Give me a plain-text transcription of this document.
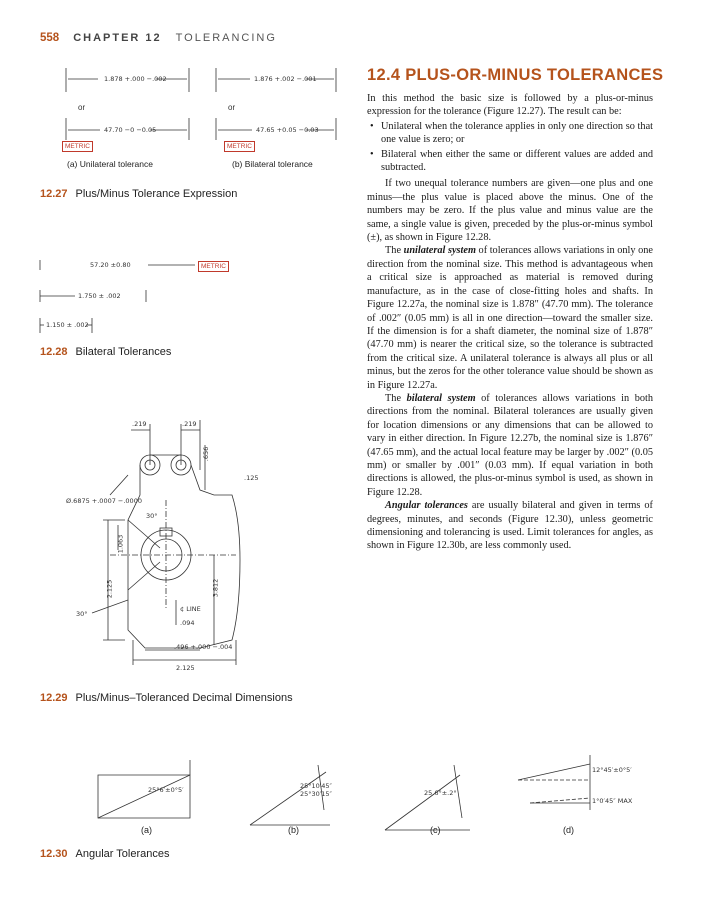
558 CHAPTER 12 TOLERANCING
1.878 +.000 −.002
or
47.70 −0 −0.05
METRIC
(a) Unilateral tolerance
1.876 +.002 −.001
or
47.65 +0.05 −0.03
METRIC
(b) Bilateral tolerance
12.27 Plus/Minus Tolerance Expression
57.20 ±0.80	METRIC
1.750 ± .002
1.150 ± .002
12.28 Bilateral Tolerances
.219	.219
.656
.125
Ø.6875 +.0007 −.0000
30°
1.063
2.125	3.812
¢ LINE
.094
30°
.496 +.000 −.004
2.125
12.29 Plus/Minus–Toleranced Decimal Dimensions
25°6′±0°5′	25°10′45″
25°30′15″	25.6°±.2°
12°45′±0°5′
1°0′45″ MAX
(a)	(b)	(c)	(d)
12.30 Angular Tolerances
12.4 PLUS-OR-MINUS TOLERANCES

In this method the basic size is followed by a plus-or-minus expression for the tolerance (Figure 12.27). The result can be:

• Unilateral when the tolerance applies in only one direction so that one value is zero; or
• Bilateral when either the same or different values are added and subtracted.

If two unequal tolerance numbers are given—one plus and one minus—the plus value is placed above the minus. One of the numbers may be zero. If the plus value and minus value are the same, a single value is given, preceded by the plus-or-minus symbol (±), as shown in Figure 12.28.

The unilateral system of tolerances allows variations in only one direction from the nominal size. This method is advantageous when a critical size is approached as material is removed during manufacture, as in the case of close-fitting holes and shafts. In Figure 12.27a, the nominal size is 1.878″ (47.70 mm). The tolerance of .002″ (0.05 mm) is all in one direction—toward the smaller size. If the dimension is for a shaft diameter, the nominal size of 1.878″ (47.70 mm) is nearer the critical size, so the tolerance is subtracted from the critical size. A unilateral tolerance is always all plus or all minus, but the zeros for the other tolerance value should be shown as in Figure 12.27a.

The bilateral system of tolerances allows variations in both directions from the nominal. Bilateral tolerances are usually given for location dimensions or any dimensions that can be allowed to vary in either direction. In Figure 12.27b, the nominal size is 1.876″ (47.65 mm), and the actual local feature may be larger by .002″ (0.05 mm) or smaller by .001″ (0.03 mm). If equal variation in both directions is allowed, the plus-or-minus symbol is used, as shown in Figure 12.28.

Angular tolerances are usually bilateral and given in terms of degrees, minutes, and seconds (Figure 12.30), unless geometric dimensioning and tolerancing is used. Limit tolerances for angles, as shown in Figure 12.30b, are less commonly used.
